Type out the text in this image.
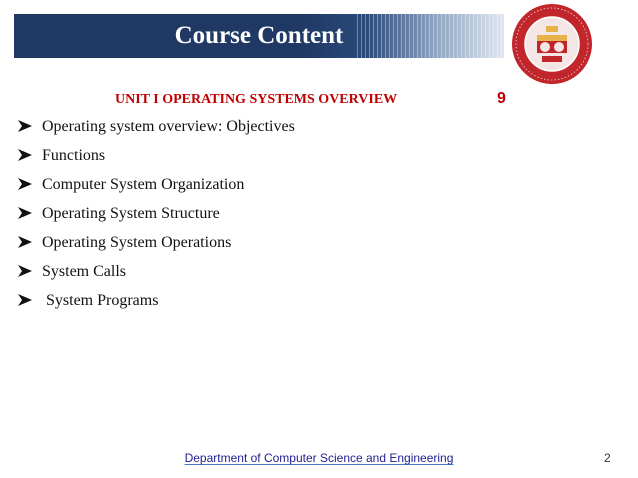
Course Content
UNIT I OPERATING SYSTEMS OVERVIEW	9
Operating system overview: Objectives
Functions
Computer System Organization
Operating System Structure
Operating System Operations
System Calls
System Programs
Department of Computer Science and Engineering	2
